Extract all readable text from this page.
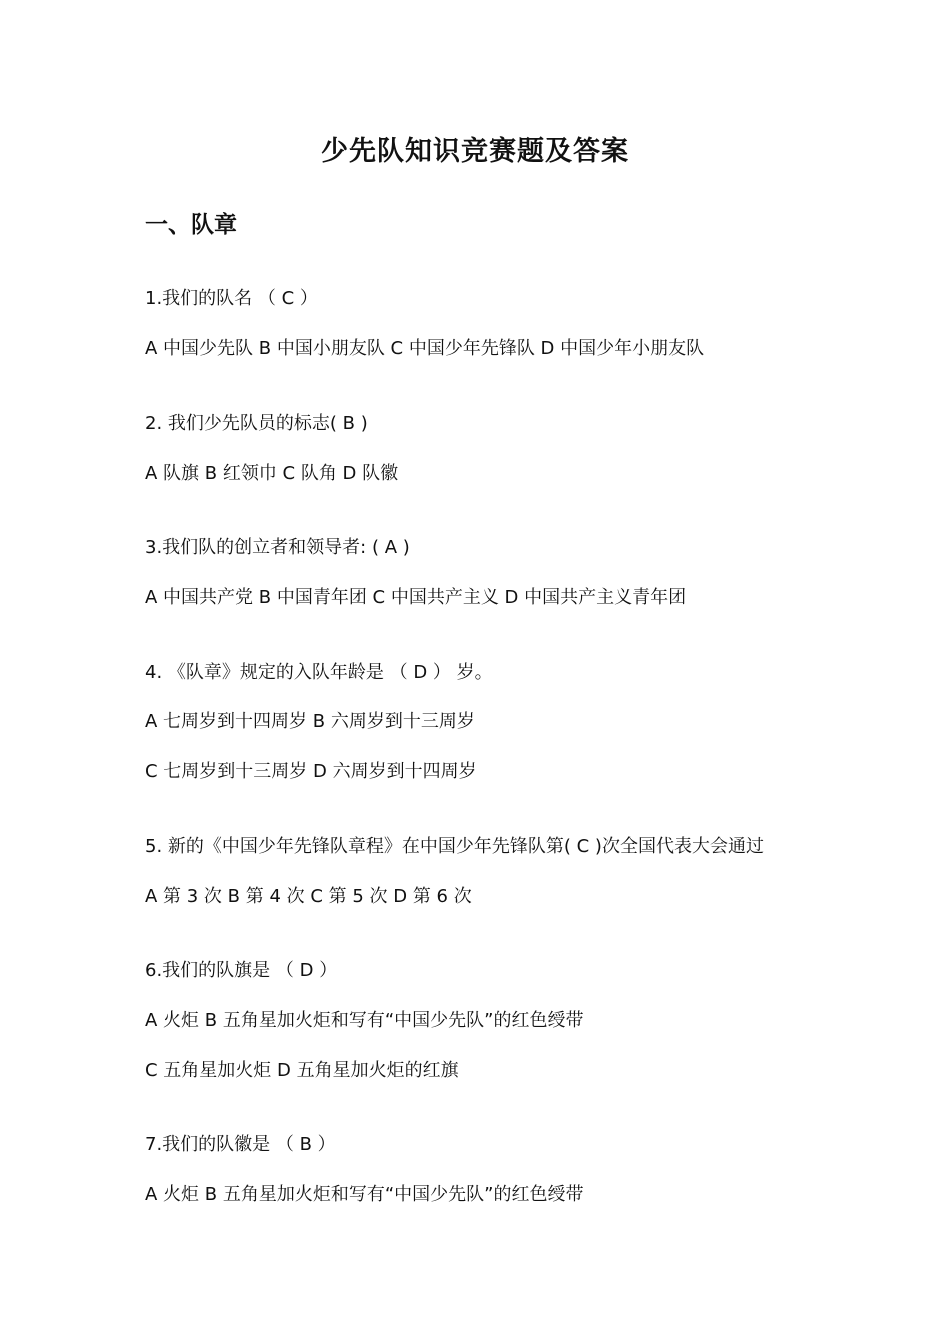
少先队知识竞赛题及答案
一、队章
1.我们的队名 （ C ）
A 中国少先队 B 中国小朋友队 C 中国少年先锋队 D 中国少年小朋友队
2. 我们少先队员的标志( B )
A 队旗 B 红领巾 C 队角 D 队徽
3.我们队的创立者和领导者: ( A )
A 中国共产党 B 中国青年团 C 中国共产主义 D 中国共产主义青年团
4. 《队章》规定的入队年龄是 （ D ） 岁。
A 七周岁到十四周岁 B 六周岁到十三周岁
C 七周岁到十三周岁 D 六周岁到十四周岁
5. 新的《中国少年先锋队章程》在中国少年先锋队第( C )次全国代表大会通过
A 第 3 次 B 第 4 次 C 第 5 次 D 第 6 次
6.我们的队旗是 （ D ）
A 火炬 B 五角星加火炬和写有“中国少先队”的红色绶带
C 五角星加火炬 D 五角星加火炬的红旗
7.我们的队徽是 （ B ）
A 火炬 B 五角星加火炬和写有“中国少先队”的红色绶带
